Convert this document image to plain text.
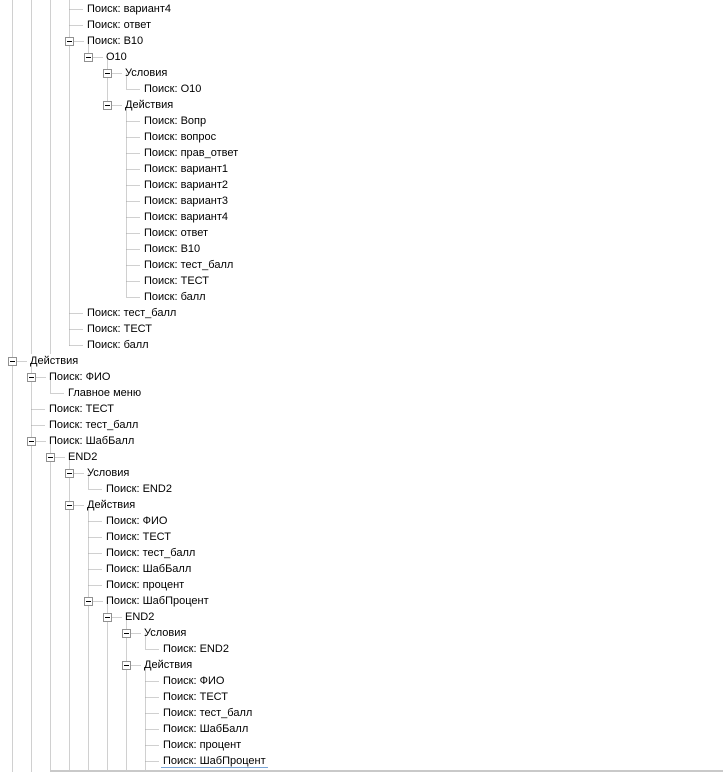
Поиск: вариант4
Поиск: ответ
Поиск: В10
О10
Условия
Поиск: О10
Действия
Поиск: Вопр
Поиск: вопрос
Поиск: прав_ответ
Поиск: вариант1
Поиск: вариант2
Поиск: вариант3
Поиск: вариант4
Поиск: ответ
Поиск: В10
Поиск: тест_балл
Поиск: ТЕСТ
Поиск: балл
Поиск: тест_балл
Поиск: ТЕСТ
Поиск: балл
Действия
Поиск: ФИО
Главное меню
Поиск: ТЕСТ
Поиск: тест_балл
Поиск: ШабБалл
END2
Условия
Поиск: END2
Действия
Поиск: ФИО
Поиск: ТЕСТ
Поиск: тест_балл
Поиск: ШабБалл
Поиск: процент
Поиск: ШабПроцент
END2
Условия
Поиск: END2
Действия
Поиск: ФИО
Поиск: ТЕСТ
Поиск: тест_балл
Поиск: ШабБалл
Поиск: процент
Поиск: ШабПроцент
